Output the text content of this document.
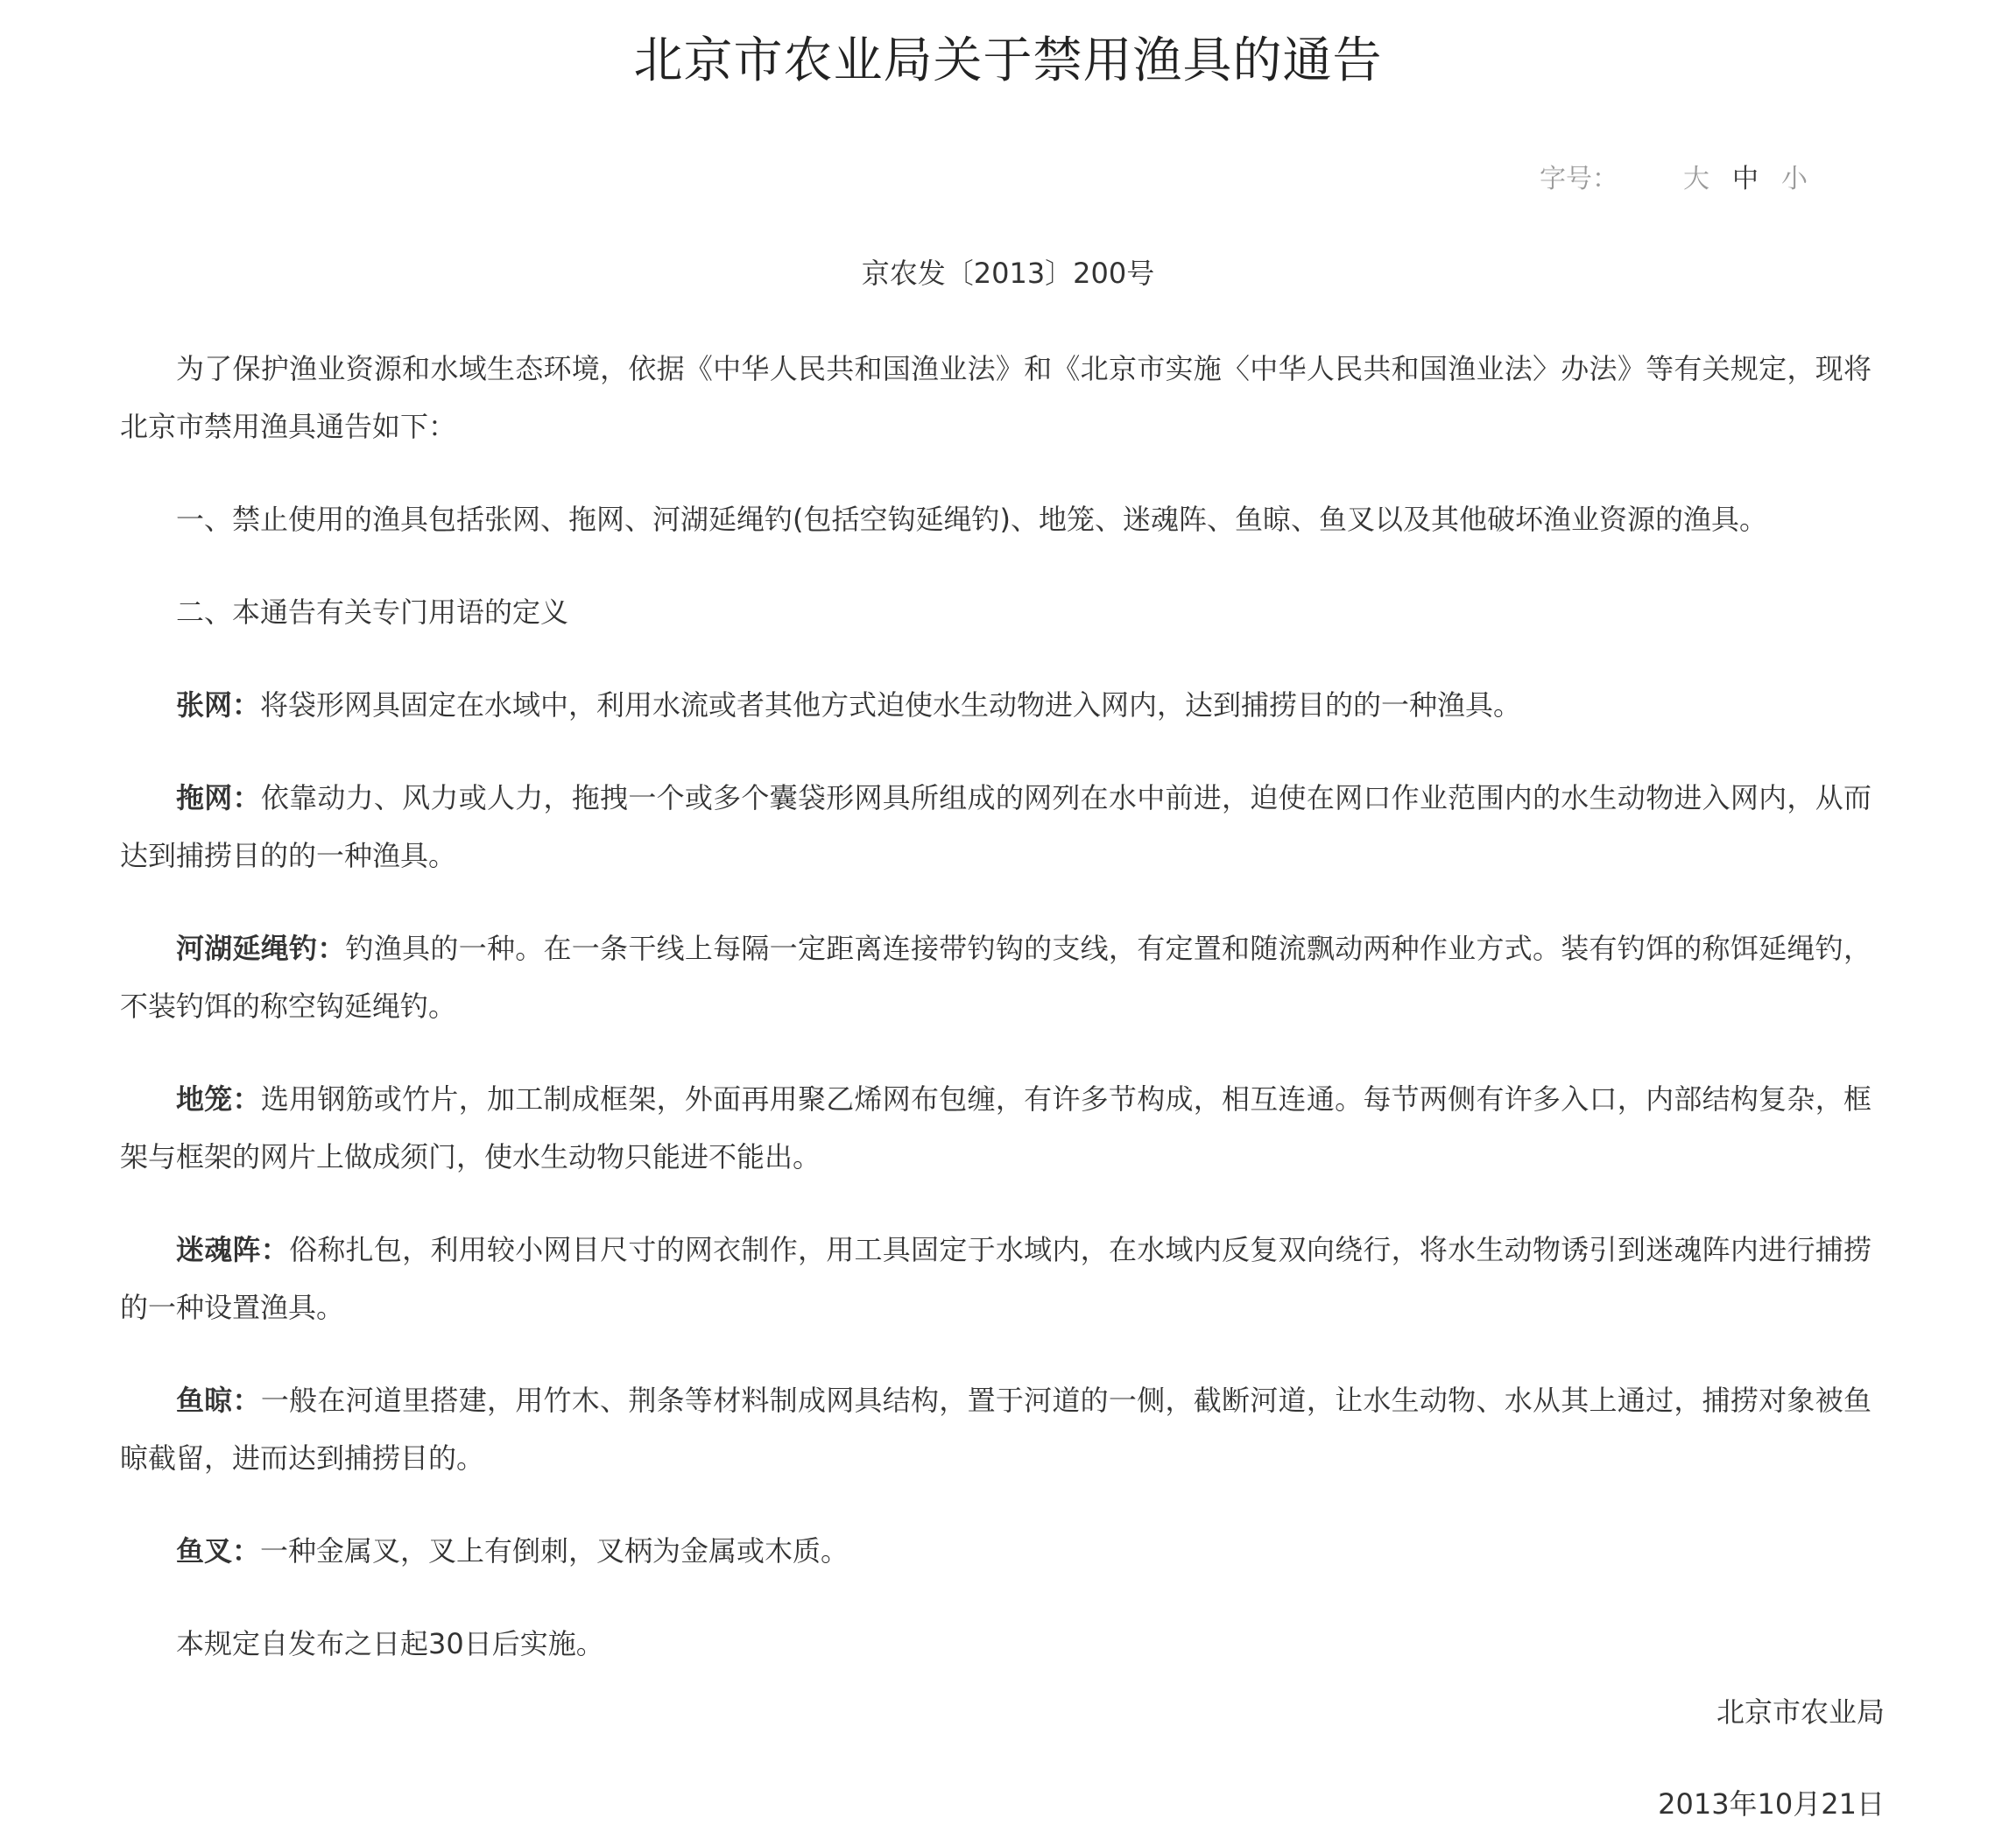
北京市农业局关于禁用渔具的通告
字号： 大 中 小
京农发〔2013〕200号

为了保护渔业资源和水域生态环境，依据《中华人民共和国渔业法》和《北京市实施〈中华人民共和国渔业法〉办法》等有关规定，现将北京市禁用渔具通告如下：

一、禁止使用的渔具包括张网、拖网、河湖延绳钓(包括空钩延绳钓)、地笼、迷魂阵、鱼晾、鱼叉以及其他破坏渔业资源的渔具。

二、本通告有关专门用语的定义

张网：将袋形网具固定在水域中，利用水流或者其他方式迫使水生动物进入网内，达到捕捞目的的一种渔具。

拖网：依靠动力、风力或人力，拖拽一个或多个囊袋形网具所组成的网列在水中前进，迫使在网口作业范围内的水生动物进入网内，从而达到捕捞目的的一种渔具。

河湖延绳钓：钓渔具的一种。在一条干线上每隔一定距离连接带钓钩的支线，有定置和随流飘动两种作业方式。装有钓饵的称饵延绳钓，不装钓饵的称空钩延绳钓。

地笼：选用钢筋或竹片，加工制成框架，外面再用聚乙烯网布包缠，有许多节构成，相互连通。每节两侧有许多入口，内部结构复杂，框架与框架的网片上做成须门，使水生动物只能进不能出。

迷魂阵：俗称扎包，利用较小网目尺寸的网衣制作，用工具固定于水域内，在水域内反复双向绕行，将水生动物诱引到迷魂阵内进行捕捞的一种设置渔具。

鱼晾：一般在河道里搭建，用竹木、荆条等材料制成网具结构，置于河道的一侧，截断河道，让水生动物、水从其上通过，捕捞对象被鱼晾截留，进而达到捕捞目的。

鱼叉：一种金属叉，叉上有倒刺，叉柄为金属或木质。

本规定自发布之日起30日后实施。

北京市农业局
2013年10月21日
